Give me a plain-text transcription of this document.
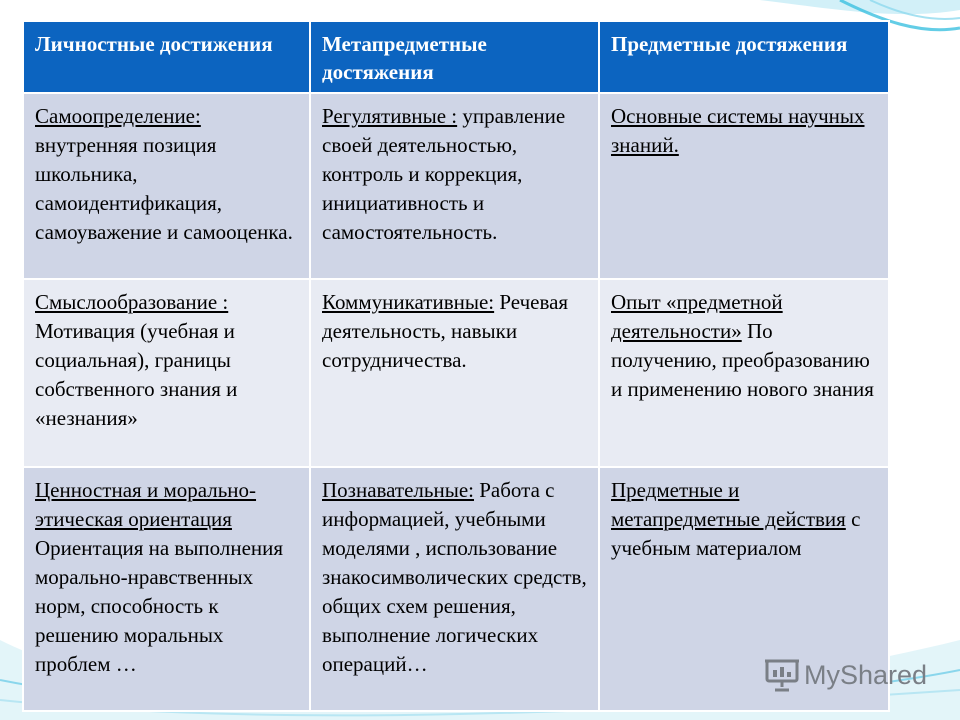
Личностные достижения	Метапредметные достяжения	Предметные достяжения
Самоопределение: внутренняя позиция школьника, самоидентификация, самоуважение и самооценка.	Регулятивные : управление своей деятельностью, контроль и коррекция, инициативность и самостоятельность.	Основные системы научных знаний.
Смыслообразование : Мотивация (учебная и социальная), границы собственного знания и «незнания»	Коммуникативные: Речевая деятельность, навыки сотрудничества.	Опыт «предметной деятельности» По получению, преобразованию и применению нового знания
Ценностная и морально-этическая ориентация Ориентация на выполнения морально-нравственных норм, способность к решению моральных проблем …	Познавательные: Работа с информацией, учебными моделями , использование знакосимволических средств, общих схем решения, выполнение логических операций…	Предметные и метапредметные действия с учебным материалом
MyShared
